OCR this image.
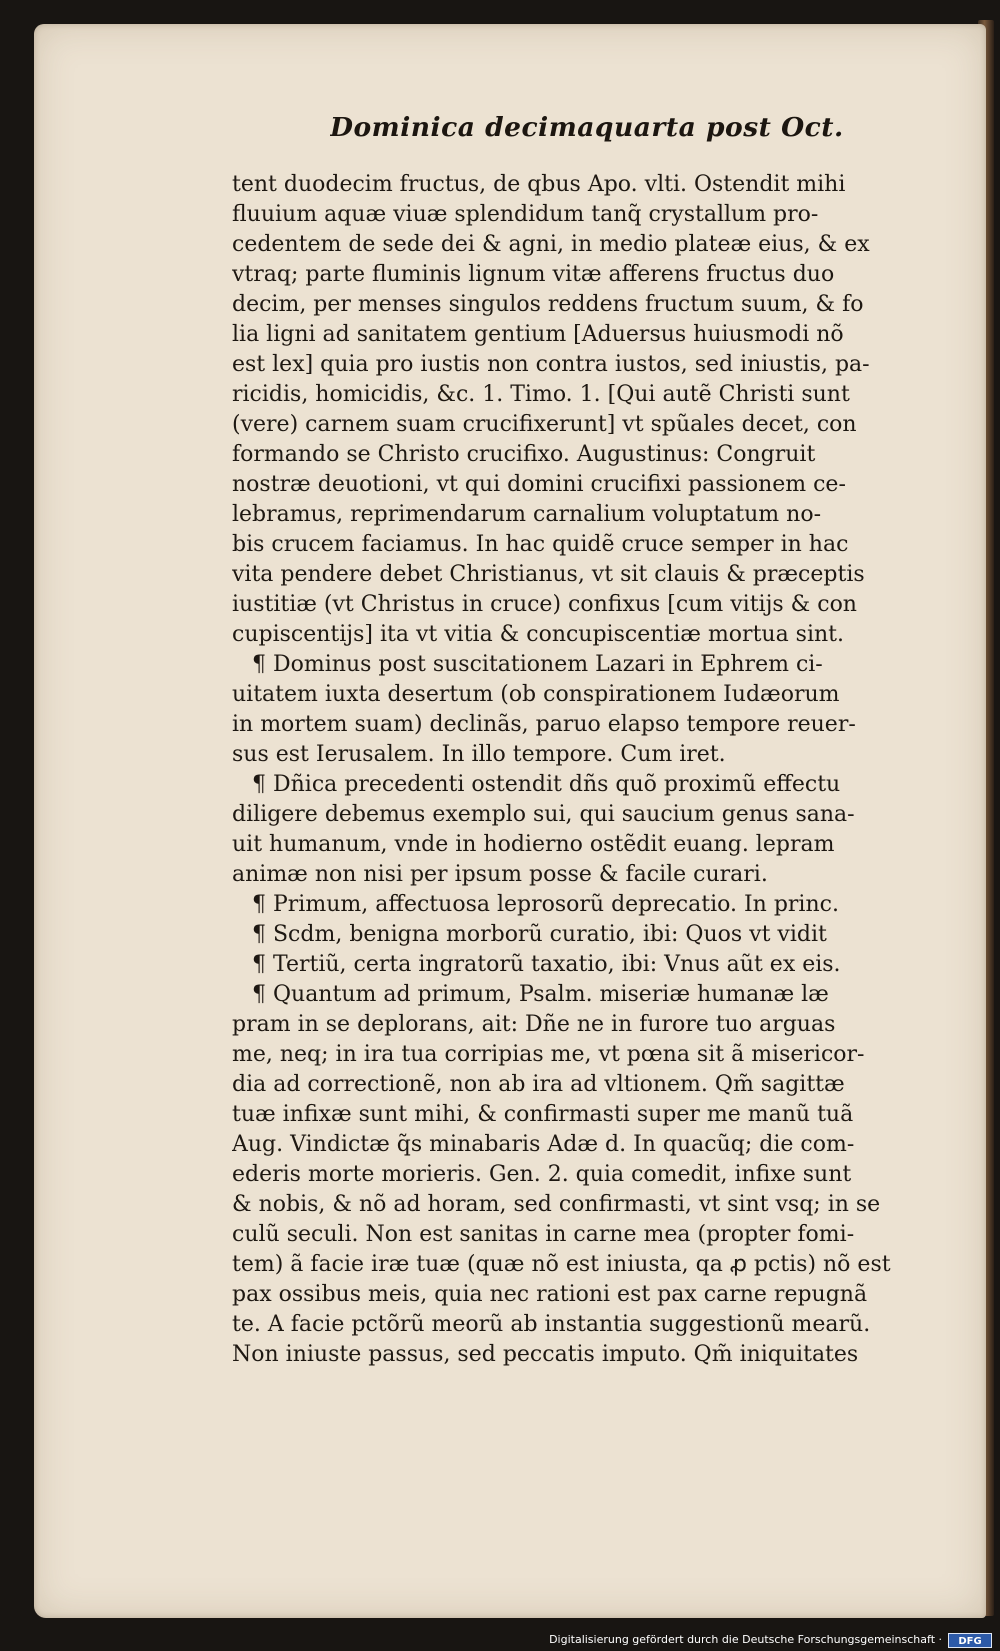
Dominica decimaquarta post Oct.
tent duodecim fructus, de qbus Apo. vlti. Ostendit mihi
fluuium aquæ viuæ splendidum tanq̃ crystallum pro-
cedentem de sede dei & agni, in medio plateæ eius, & ex
vtraq; parte fluminis lignum vitæ afferens fructus duo
decim, per menses singulos reddens fructum suum, & fo
lia ligni ad sanitatem gentium [Aduersus huiusmodi nõ
est lex] quia pro iustis non contra iustos, sed iniustis, pa-
ricidis, homicidis, &c. 1. Timo. 1. [Qui autẽ Christi sunt
(vere) carnem suam crucifixerunt] vt spũales decet, con
formando se Christo crucifixo. Augustinus: Congruit
nostræ deuotioni, vt qui domini crucifixi passionem ce-
lebramus, reprimendarum carnalium voluptatum no-
bis crucem faciamus. In hac quidẽ cruce semper in hac
vita pendere debet Christianus, vt sit clauis & præceptis
iustitiæ (vt Christus in cruce) confixus [cum vitijs & con
cupiscentijs] ita vt vitia & concupiscentiæ mortua sint.
¶ Dominus post suscitationem Lazari in Ephrem ci-
uitatem iuxta desertum (ob conspirationem Iudæorum
in mortem suam) declinãs, paruo elapso tempore reuer-
sus est Ierusalem. In illo tempore. Cum iret.
¶ Dñica precedenti ostendit dñs quõ proximũ effectu
diligere debemus exemplo sui, qui saucium genus sana-
uit humanum, vnde in hodierno ostẽdit euang. lepram
animæ non nisi per ipsum posse & facile curari.
¶ Primum, affectuosa leprosorũ deprecatio. In princ.
¶ Scdm, benigna morborũ curatio, ibi: Quos vt vidit
¶ Tertiũ, certa ingratorũ taxatio, ibi: Vnus aũt ex eis.
¶ Quantum ad primum, Psalm. miseriæ humanæ læ
pram in se deplorans, ait: Dñe ne in furore tuo arguas
me, neq; in ira tua corripias me, vt pœna sit ã misericor-
dia ad correctionẽ, non ab ira ad vltionem. Qm̃ sagittæ
tuæ infixæ sunt mihi, & confirmasti super me manũ tuã
Aug. Vindictæ q̃s minabaris Adæ d. In quacũq; die com-
ederis morte morieris. Gen. 2. quia comedit, infixe sunt
& nobis, & nõ ad horam, sed confirmasti, vt sint vsq; in se
culũ seculi. Non est sanitas in carne mea (propter fomi-
tem) ã facie iræ tuæ (quæ nõ est iniusta, qa ꝓ pctis) nõ est
pax ossibus meis, quia nec rationi est pax carne repugnã
te. A facie pctõrũ meorũ ab instantia suggestionũ mearũ.
Non iniuste passus, sed peccatis imputo. Qm̃ iniquitates
Digitalisierung gefördert durch die Deutsche Forschungsgemeinschaft ·	DFG
